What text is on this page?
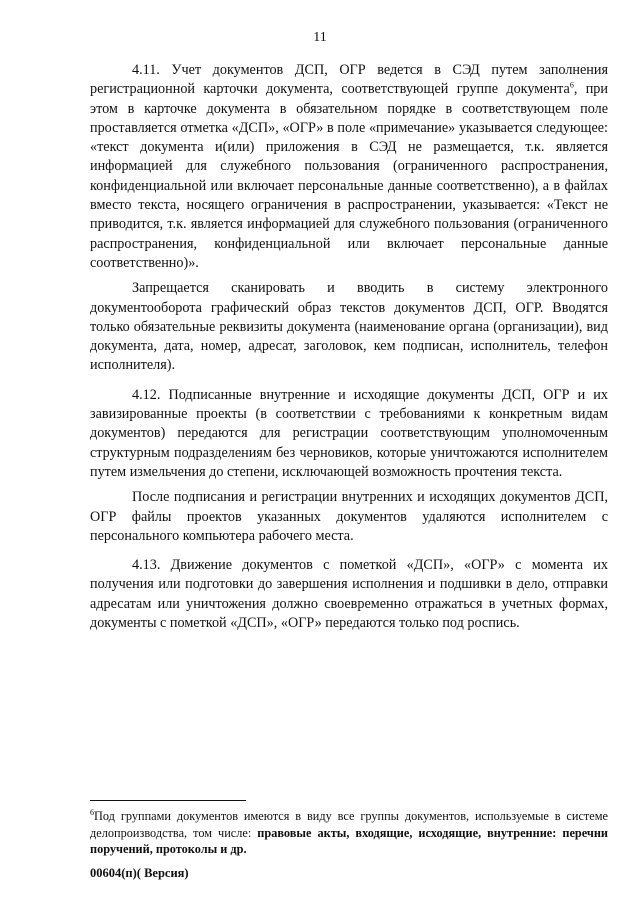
11

4.11. Учет документов ДСП, ОГР ведется в СЭД путем заполнения регистрационной карточки документа, соответствующей группе документа$^6$, при этом в карточке документа в обязательном порядке в соответствующем поле проставляется отметка «ДСП», «ОГР» в поле «примечание» указывается следующее: «текст документа и(или) приложения в СЭД не размещается, т.к. является информацией для служебного пользования (ограниченного распространения, конфиденциальной или включает персональные данные соответственно), а в файлах вместо текста, носящего ограничения в распространении, указывается: «Текст не приводится, т.к. является информацией для служебного пользования (ограниченного распространения, конфиденциальной или включает персональные данные соответственно)».

Запрещается сканировать и вводить в систему электронного документооборота графический образ текстов документов ДСП, ОГР. Вводятся только обязательные реквизиты документа (наименование органа (организации), вид документа, дата, номер, адресат, заголовок, кем подписан, исполнитель, телефон исполнителя).

4.12. Подписанные внутренние и исходящие документы ДСП, ОГР и их завизированные проекты (в соответствии с требованиями к конкретным видам документов) передаются для регистрации соответствующим уполномоченным структурным подразделениям без черновиков, которые уничтожаются исполнителем путем измельчения до степени, исключающей возможность прочтения текста.

После подписания и регистрации внутренних и исходящих документов ДСП, ОГР файлы проектов указанных документов удаляются исполнителем с персонального компьютера рабочего места.

4.13. Движение документов с пометкой «ДСП», «ОГР» с момента их получения или подготовки до завершения исполнения и подшивки в дело, отправки адресатам или уничтожения должно своевременно отражаться в учетных формах, документы с пометкой «ДСП», «ОГР» передаются только под роспись.

$^6$Под группами документов имеются в виду все группы документов, используемые в системе делопроизводства, том числе: правовые акты, входящие, исходящие, внутренние: перечни поручений, протоколы и др.
00604(п)( Версия)
